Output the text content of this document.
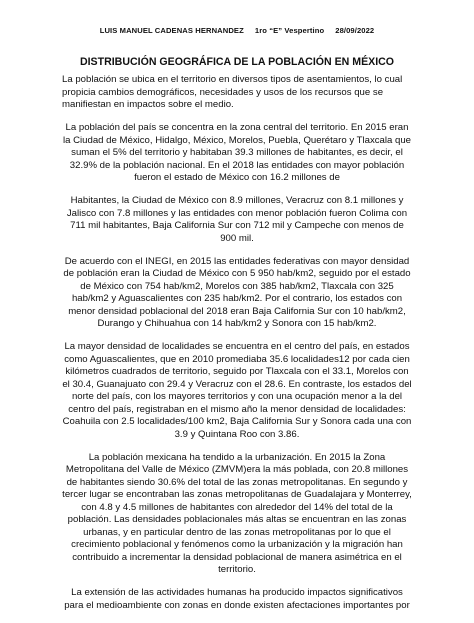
LUIS MANUEL CADENAS HERNANDEZ     1ro “E” Vespertino     28/09/2022
DISTRIBUCIÓN GEOGRÁFICA DE LA POBLACIÓN EN MÉXICO

La población se ubica en el territorio en diversos tipos de asentamientos, lo cual propicia cambios demográficos, necesidades y usos de los recursos que se manifiestan en impactos sobre el medio.

La población del país se concentra en la zona central del territorio. En 2015 eran la Ciudad de México, Hidalgo, México, Morelos, Puebla, Querétaro y Tlaxcala que suman el 5% del territorio y habitaban 39.3 millones de habitantes, es decir, el 32.9% de la población nacional. En el 2018 las entidades con mayor población fueron el estado de México con 16.2 millones de

Habitantes, la Ciudad de México con 8.9 millones, Veracruz con 8.1 millones y Jalisco con 7.8 millones y las entidades con menor población fueron Colima con 711 mil habitantes, Baja California Sur con 712 mil y Campeche con menos de 900 mil.

De acuerdo con el INEGI, en 2015 las entidades federativas con mayor densidad de población eran la Ciudad de México con 5 950 hab/km2, seguido por el estado de México con 754 hab/km2, Morelos con 385 hab/km2, Tlaxcala con 325 hab/km2 y Aguascalientes con 235 hab/km2. Por el contrario, los estados con menor densidad poblacional del 2018 eran Baja California Sur con 10 hab/km2, Durango y Chihuahua con 14 hab/km2 y Sonora con 15 hab/km2.

La mayor densidad de localidades se encuentra en el centro del país, en estados como Aguascalientes, que en 2010 promediaba 35.6 localidades12 por cada cien kilómetros cuadrados de territorio, seguido por Tlaxcala con el 33.1, Morelos con el 30.4, Guanajuato con 29.4 y Veracruz con el 28.6. En contraste, los estados del norte del país, con los mayores territorios y con una ocupación menor a la del centro del país, registraban en el mismo año la menor densidad de localidades: Coahuila con 2.5 localidades/100 km2, Baja California Sur y Sonora cada una con 3.9 y Quintana Roo con 3.86.

La población mexicana ha tendido a la urbanización. En 2015 la Zona Metropolitana del Valle de México (ZMVM)era la más poblada, con 20.8 millones de habitantes siendo 30.6% del total de las zonas metropolitanas. En segundo y tercer lugar se encontraban las zonas metropolitanas de Guadalajara y Monterrey, con 4.8 y 4.5 millones de habitantes con alrededor del 14% del total de la población. Las densidades poblacionales más altas se encuentran en las zonas urbanas, y en particular dentro de las zonas metropolitanas por lo que el crecimiento poblacional y fenómenos como la urbanización y la migración han contribuido a incrementar la densidad poblacional de manera asimétrica en el territorio.

La extensión de las actividades humanas ha producido impactos significativos para el medioambiente con zonas en donde existen afectaciones importantes por
